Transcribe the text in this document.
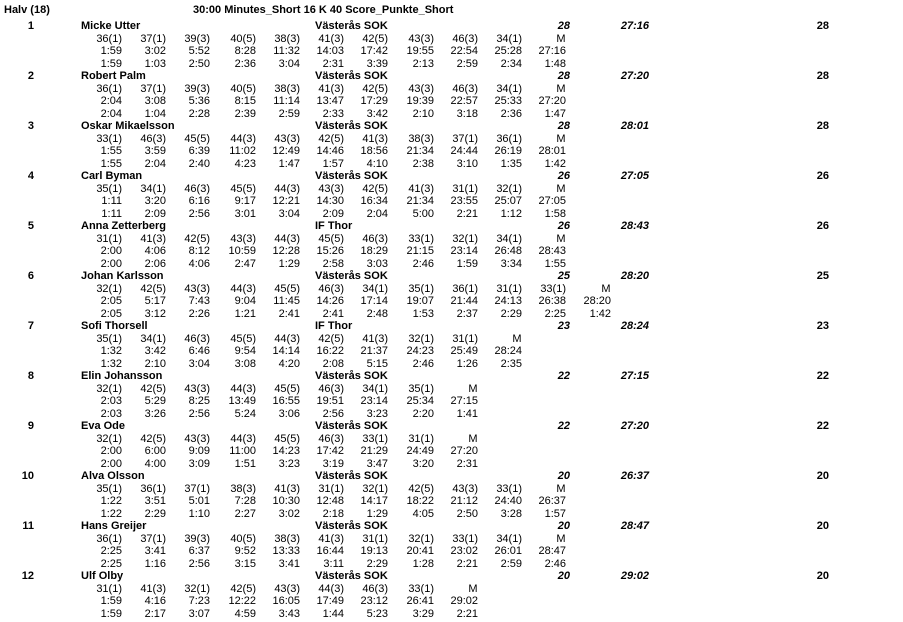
Halv (18)	30:00 Minutes_Short 16 K 40 Score_Punkte_Short
1	Micke Utter	Västerås SOK	28	27:16	28
36(1)	37(1)	39(3)	40(5)	38(3)	41(3)	42(5)	43(3)	46(3)	34(1)	M
1:59	3:02	5:52	8:28	11:32	14:03	17:42	19:55	22:54	25:28	27:16
1:59	1:03	2:50	2:36	3:04	2:31	3:39	2:13	2:59	2:34	1:48
2	Robert Palm	Västerås SOK	28	27:20	28
36(1)	37(1)	39(3)	40(5)	38(3)	41(3)	42(5)	43(3)	46(3)	34(1)	M
2:04	3:08	5:36	8:15	11:14	13:47	17:29	19:39	22:57	25:33	27:20
2:04	1:04	2:28	2:39	2:59	2:33	3:42	2:10	3:18	2:36	1:47
3	Oskar Mikaelsson	Västerås SOK	28	28:01	28
33(1)	46(3)	45(5)	44(3)	43(3)	42(5)	41(3)	38(3)	37(1)	36(1)	M
1:55	3:59	6:39	11:02	12:49	14:46	18:56	21:34	24:44	26:19	28:01
1:55	2:04	2:40	4:23	1:47	1:57	4:10	2:38	3:10	1:35	1:42
4	Carl Byman	Västerås SOK	26	27:05	26
35(1)	34(1)	46(3)	45(5)	44(3)	43(3)	42(5)	41(3)	31(1)	32(1)	M
1:11	3:20	6:16	9:17	12:21	14:30	16:34	21:34	23:55	25:07	27:05
1:11	2:09	2:56	3:01	3:04	2:09	2:04	5:00	2:21	1:12	1:58
5	Anna Zetterberg	IF Thor	26	28:43	26
31(1)	41(3)	42(5)	43(3)	44(3)	45(5)	46(3)	33(1)	32(1)	34(1)	M
2:00	4:06	8:12	10:59	12:28	15:26	18:29	21:15	23:14	26:48	28:43
2:00	2:06	4:06	2:47	1:29	2:58	3:03	2:46	1:59	3:34	1:55
6	Johan Karlsson	Västerås SOK	25	28:20	25
32(1)	42(5)	43(3)	44(3)	45(5)	46(3)	34(1)	35(1)	36(1)	31(1)	33(1)	M
2:05	5:17	7:43	9:04	11:45	14:26	17:14	19:07	21:44	24:13	26:38	28:20
2:05	3:12	2:26	1:21	2:41	2:41	2:48	1:53	2:37	2:29	2:25	1:42
7	Sofi Thorsell	IF Thor	23	28:24	23
35(1)	34(1)	46(3)	45(5)	44(3)	42(5)	41(3)	32(1)	31(1)	M
1:32	3:42	6:46	9:54	14:14	16:22	21:37	24:23	25:49	28:24
1:32	2:10	3:04	3:08	4:20	2:08	5:15	2:46	1:26	2:35
8	Elin Johansson	Västerås SOK	22	27:15	22
32(1)	42(5)	43(3)	44(3)	45(5)	46(3)	34(1)	35(1)	M
2:03	5:29	8:25	13:49	16:55	19:51	23:14	25:34	27:15
2:03	3:26	2:56	5:24	3:06	2:56	3:23	2:20	1:41
9	Eva Ode	Västerås SOK	22	27:20	22
32(1)	42(5)	43(3)	44(3)	45(5)	46(3)	33(1)	31(1)	M
2:00	6:00	9:09	11:00	14:23	17:42	21:29	24:49	27:20
2:00	4:00	3:09	1:51	3:23	3:19	3:47	3:20	2:31
10	Alva Olsson	Västerås SOK	20	26:37	20
35(1)	36(1)	37(1)	38(3)	41(3)	31(1)	32(1)	42(5)	43(3)	33(1)	M
1:22	3:51	5:01	7:28	10:30	12:48	14:17	18:22	21:12	24:40	26:37
1:22	2:29	1:10	2:27	3:02	2:18	1:29	4:05	2:50	3:28	1:57
11	Hans Greijer	Västerås SOK	20	28:47	20
36(1)	37(1)	39(3)	40(5)	38(3)	41(3)	31(1)	32(1)	33(1)	34(1)	M
2:25	3:41	6:37	9:52	13:33	16:44	19:13	20:41	23:02	26:01	28:47
2:25	1:16	2:56	3:15	3:41	3:11	2:29	1:28	2:21	2:59	2:46
12	Ulf Olby	Västerås SOK	20	29:02	20
31(1)	41(3)	32(1)	42(5)	43(3)	44(3)	46(3)	33(1)	M
1:59	4:16	7:23	12:22	16:05	17:49	23:12	26:41	29:02
1:59	2:17	3:07	4:59	3:43	1:44	5:23	3:29	2:21
